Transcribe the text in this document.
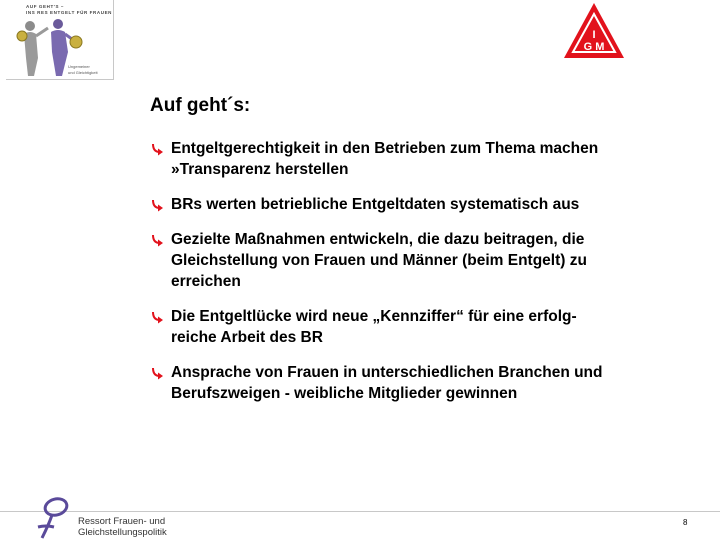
AUF GEHT'S –
INS RES ENTGELT FÜR FRAUEN
Ungemeiner
und Gleichtigkeit
I
G M
Auf geht´s:
Entgeltgerechtigkeit in den Betrieben zum Thema machen
»Transparenz herstellen
BRs werten betriebliche Entgeltdaten systematisch aus
Gezielte Maßnahmen entwickeln, die dazu beitragen, die
Gleichstellung von Frauen und Männer (beim Entgelt) zu
erreichen
Die Entgeltlücke wird neue „Kennziffer“ für eine erfolg-
reiche Arbeit des BR
Ansprache von Frauen in unterschiedlichen Branchen und
Berufszweigen - weibliche Mitglieder gewinnen
Ressort Frauen- und
Gleichstellungspolitik
8
